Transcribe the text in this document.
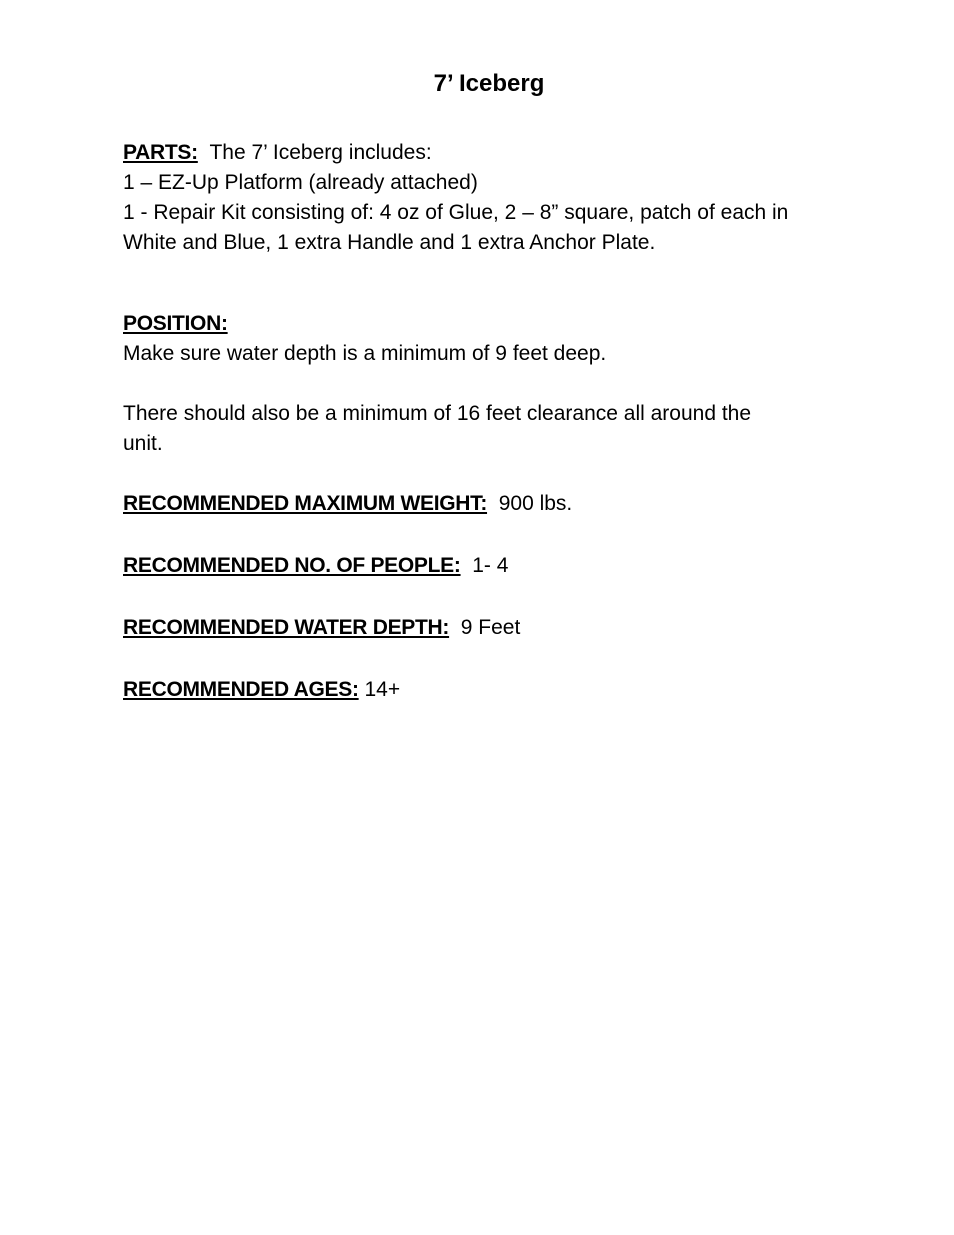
7’ Iceberg
PARTS: The 7’ Iceberg includes:
1 – EZ-Up Platform (already attached)
1 - Repair Kit consisting of: 4 oz of Glue, 2 – 8” square, patch of each in
White and Blue, 1 extra Handle and 1 extra Anchor Plate.
POSITION:
Make sure water depth is a minimum of 9 feet deep.
There should also be a minimum of 16 feet clearance all around the
unit.
RECOMMENDED MAXIMUM WEIGHT: 900 lbs.
RECOMMENDED NO. OF PEOPLE: 1- 4
RECOMMENDED WATER DEPTH: 9 Feet
RECOMMENDED AGES: 14+
